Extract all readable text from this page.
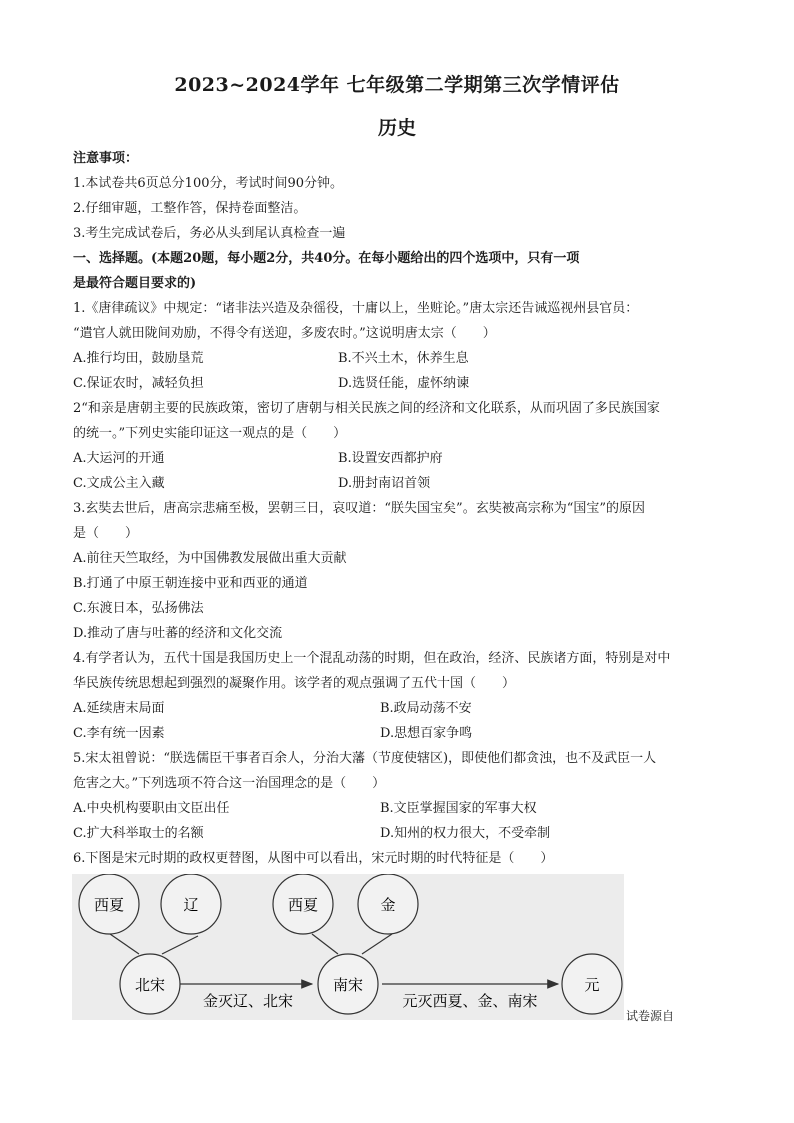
2023~2024学年 七年级第二学期第三次学情评估
历史
注意事项：
1.本试卷共6页总分100分，考试时间90分钟。
2.仔细审题，工整作答，保持卷面整洁。
3.考生完成试卷后，务必从头到尾认真检查一遍
一、选择题。(本题20题，每小题2分，共40分。在每小题给出的四个选项中，只有一项
是最符合题目要求的)
1.《唐律疏议》中规定：“诸非法兴造及杂徭役，十庸以上，坐赃论。”唐太宗还告诫巡视州县官员：
“遣官人就田陇间劝励，不得令有送迎，多废农时。”这说明唐太宗（　　）
A.推行均田，鼓励垦荒	B.不兴土木，休养生息
C.保证农时，减轻负担	D.选贤任能，虚怀纳谏
2“和亲是唐朝主要的民族政策，密切了唐朝与相关民族之间的经济和文化联系，从而巩固了多民族国家
的统一。”下列史实能印证这一观点的是（　　）
A.大运河的开通	B.设置安西都护府
C.文成公主入藏	D.册封南诏首领
3.玄奘去世后，唐高宗悲痛至极，罢朝三日，哀叹道：“朕失国宝矣”。玄奘被高宗称为“国宝”的原因
是（　　）
A.前往天竺取经，为中国佛教发展做出重大贡献
B.打通了中原王朝连接中亚和西亚的通道
C.东渡日本，弘扬佛法
D.推动了唐与吐蕃的经济和文化交流
4.有学者认为，五代十国是我国历史上一个混乱动荡的时期，但在政治，经济、民族诸方面，特别是对中
华民族传统思想起到强烈的凝聚作用。该学者的观点强调了五代十国（　　）
A.延续唐末局面	B.政局动荡不安
C.李有统一因素	D.思想百家争鸣
5.宋太祖曾说：“朕选儒臣干事者百余人，分治大藩（节度使辖区)，即使他们都贪浊，也不及武臣一人
危害之大。”下列选项不符合这一治国理念的是（　　）
A.中央机构要职由文臣出任	B.文臣掌握国家的军事大权
C.扩大科举取士的名额	D.知州的权力很大，不受牵制
6.下图是宋元时期的政权更替图，从图中可以看出，宋元时期的时代特征是（　　）
西夏	辽	西夏	金
北宋	南宋	元
金灭辽、北宋	元灭西夏、金、南宋
试卷源自
